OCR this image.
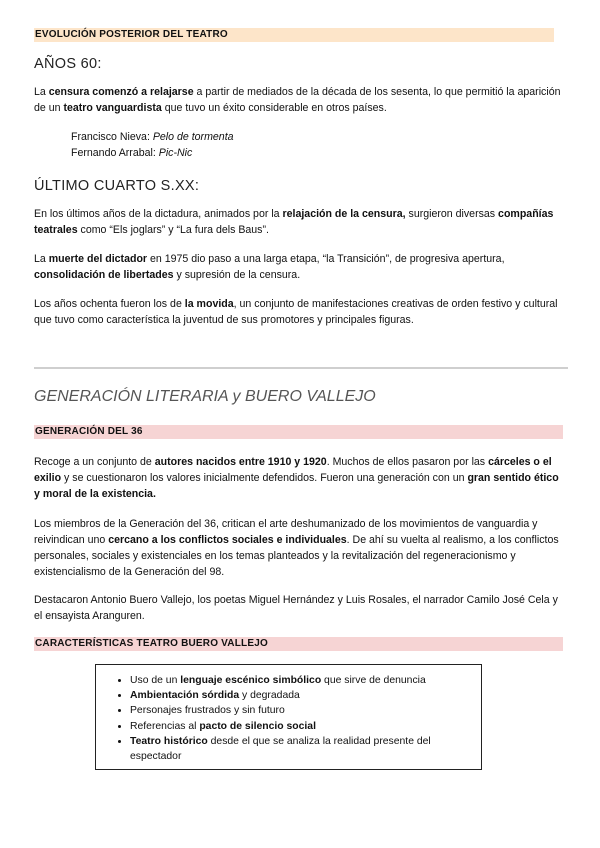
EVOLUCIÓN POSTERIOR DEL TEATRO
AÑOS 60:
La censura comenzó a relajarse a partir de mediados de la década de los sesenta, lo que permitió la aparición de un teatro vanguardista que tuvo un éxito considerable en otros países.
Francisco Nieva: Pelo de tormenta
Fernando Arrabal: Pic-Nic
ÚLTIMO CUARTO S.XX:
En los últimos años de la dictadura, animados por la relajación de la censura, surgieron diversas compañías teatrales como “Els joglars” y “La fura dels Baus”.
La muerte del dictador en 1975 dio paso a una larga etapa, “la Transición”, de progresiva apertura, consolidación de libertades y supresión de la censura.
Los años ochenta fueron los de la movida, un conjunto de manifestaciones creativas de orden festivo y cultural que tuvo como característica la juventud de sus promotores y principales figuras.
GENERACIÓN LITERARIA y BUERO VALLEJO
GENERACIÓN DEL 36
Recoge a un conjunto de autores nacidos entre 1910 y 1920. Muchos de ellos pasaron por las cárceles o el exilio y se cuestionaron los valores inicialmente defendidos. Fueron una generación con un gran sentido ético y moral de la existencia.
Los miembros de la Generación del 36, critican el arte deshumanizado de los movimientos de vanguardia y reivindican uno cercano a los conflictos sociales e individuales. De ahí su vuelta al realismo, a los conflictos personales, sociales y existenciales en los temas planteados y la revitalización del regeneracionismo y existencialismo de la Generación del 98.
Destacaron Antonio Buero Vallejo, los poetas Miguel Hernández y Luis Rosales, el narrador Camilo José Cela y el ensayista Aranguren.
CARACTERÍSTICAS TEATRO BUERO VALLEJO
• Uso de un lenguaje escénico simbólico que sirve de denuncia
• Ambientación sórdida y degradada
• Personajes frustrados y sin futuro
• Referencias al pacto de silencio social
• Teatro histórico desde el que se analiza la realidad presente del espectador
